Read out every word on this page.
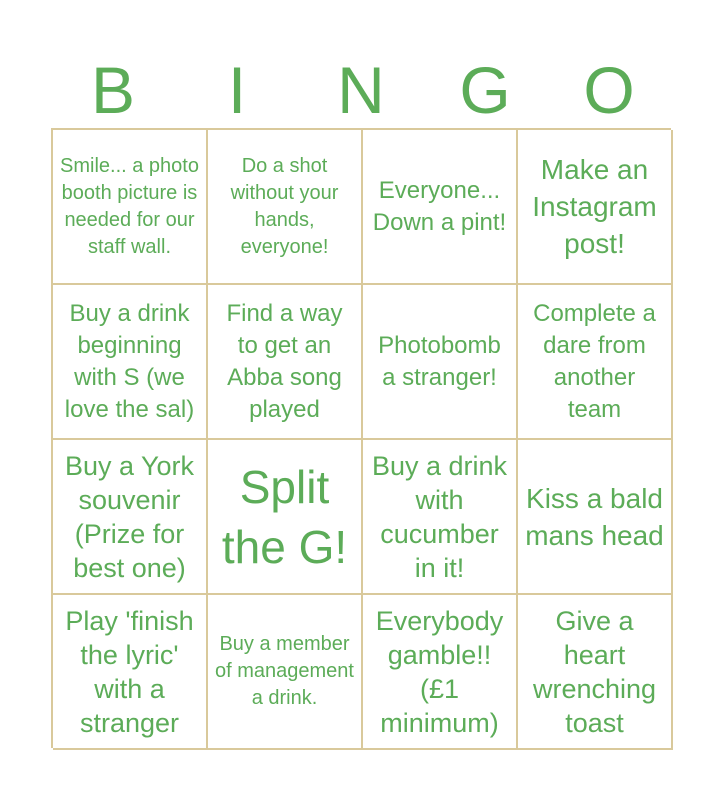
B	I	N	G	O
Smile... a photo booth picture is needed for our staff wall.
Do a shot without your hands, everyone!
Everyone... Down a pint!
Make an Instagram post!
Buy a drink beginning with S (we love the sal)
Find a way to get an Abba song played
Photobomb a stranger!
Complete a dare from another team
Buy a York souvenir (Prize for best one)
Split the G!
Buy a drink with cucumber in it!
Kiss a bald mans head
Play 'finish the lyric' with a stranger
Buy a member of management a drink.
Everybody gamble!! (£1 minimum)
Give a heart wrenching toast
